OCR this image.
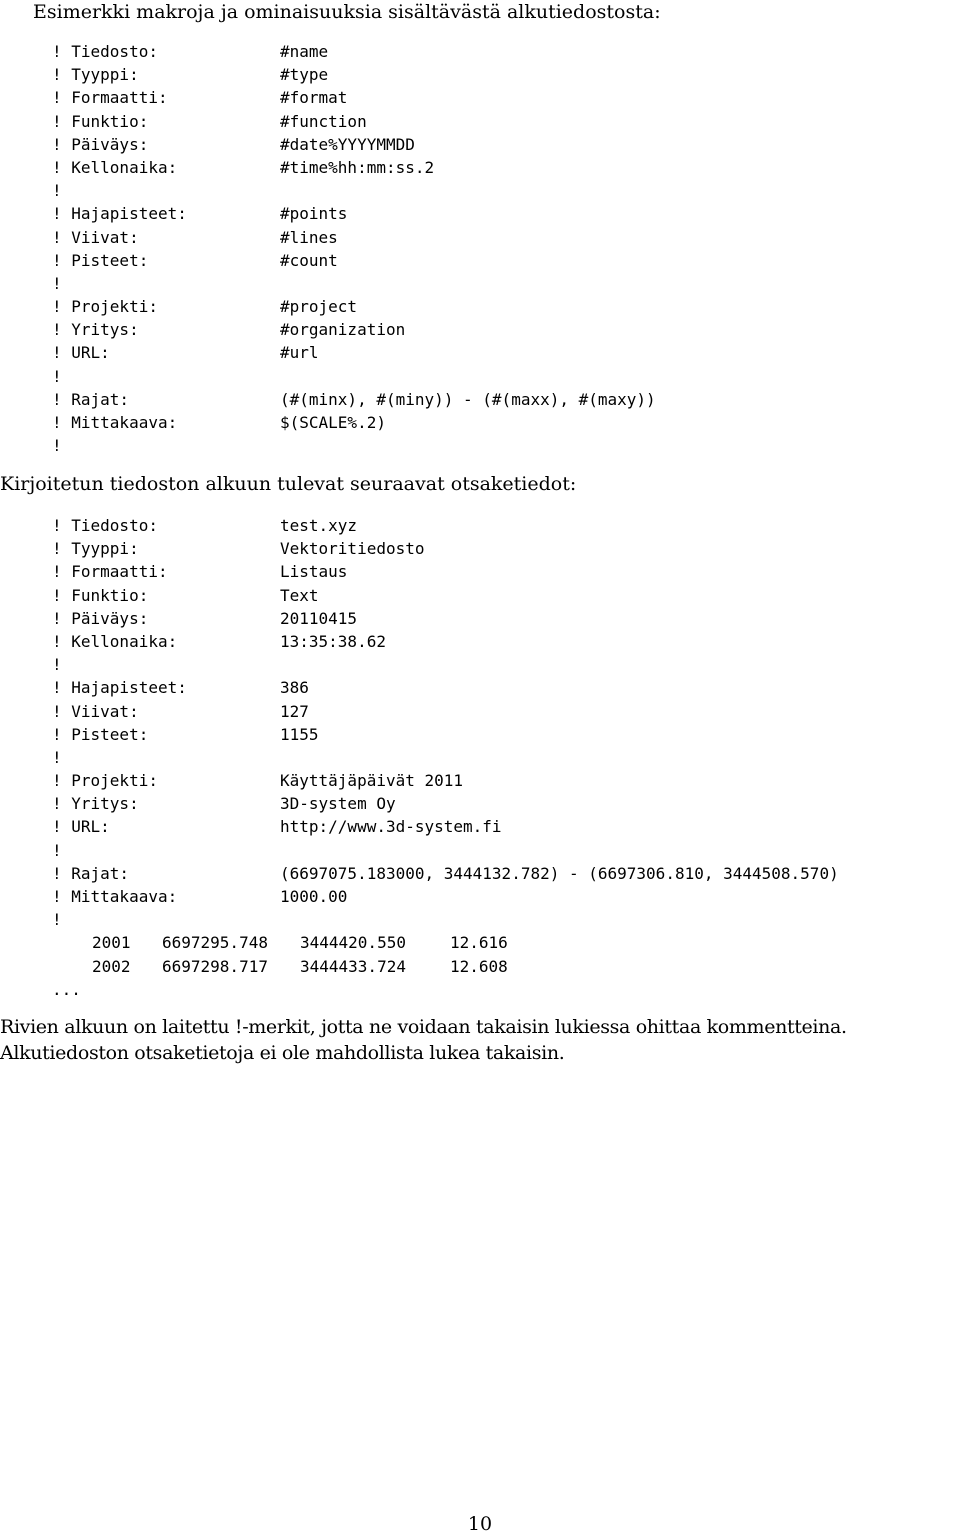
Esimerkki makroja ja ominaisuuksia sisältävästä alkutiedostosta:
! Tiedosto:	#name
! Tyyppi:	#type
! Formaatti:	#format
! Funktio:	#function
! Päiväys:	#date%YYYYMMDD
! Kellonaika:	#time%hh:mm:ss.2
!
! Hajapisteet:	#points
! Viivat:	#lines
! Pisteet:	#count
!
! Projekti:	#project
! Yritys:	#organization
! URL:	#url
!
! Rajat:	(#(minx), #(miny)) - (#(maxx), #(maxy))
! Mittakaava:	$(SCALE%.2)
!
Kirjoitetun tiedoston alkuun tulevat seuraavat otsaketiedot:
! Tiedosto:	test.xyz
! Tyyppi:	Vektoritiedosto
! Formaatti:	Listaus
! Funktio:	Text
! Päiväys:	20110415
! Kellonaika:	13:35:38.62
!
! Hajapisteet:	386
! Viivat:	127
! Pisteet:	1155
!
! Projekti:	Käyttäjäpäivät 2011
! Yritys:	3D-system Oy
! URL:	http://www.3d-system.fi
!
! Rajat:	(6697075.183000, 3444132.782) - (6697306.810, 3444508.570)
! Mittakaava:	1000.00
!
2001 6697295.748 3444420.550	12.616
2002 6697298.717 3444433.724	12.608
...
Rivien alkuun on laitettu !-merkit, jotta ne voidaan takaisin lukiessa ohittaa kommentteina. Alkutiedoston otsaketietoja ei ole mahdollista lukea takaisin.
10
